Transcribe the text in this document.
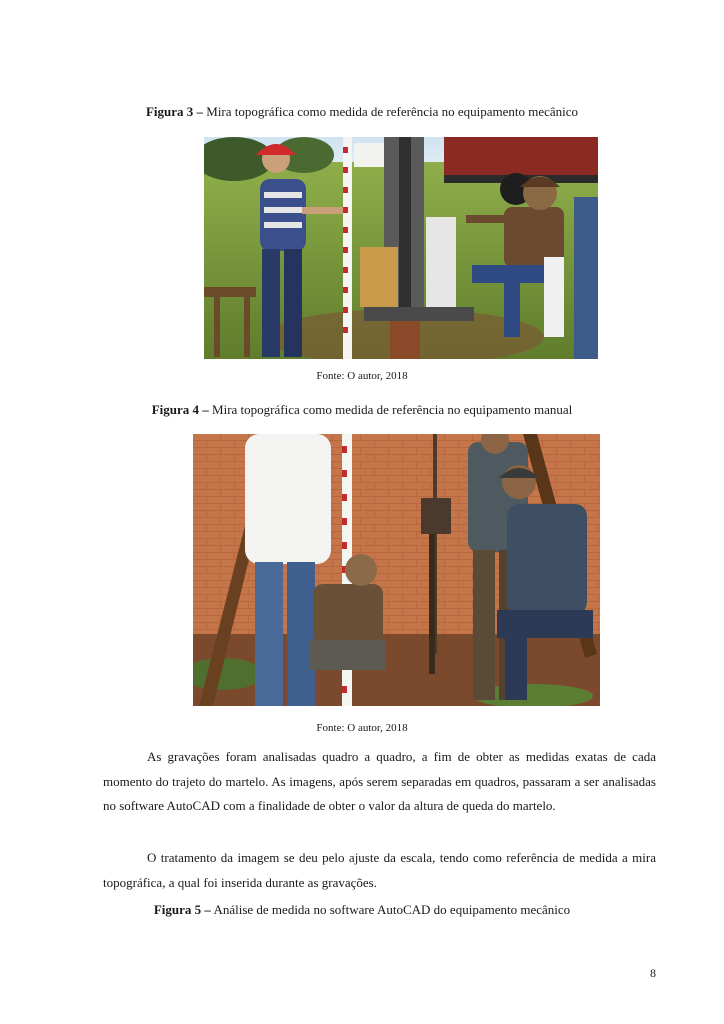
Figura 3 – Mira topográfica como medida de referência no equipamento mecânico
Fonte: O autor, 2018
Figura 4 – Mira topográfica como medida de referência no equipamento manual
Fonte: O autor, 2018
As gravações foram analisadas quadro a quadro, a fim de obter as medidas exatas de cada momento do trajeto do martelo. As imagens, após serem separadas em quadros, passaram a ser analisadas no software AutoCAD com a finalidade de obter o valor da altura de queda do martelo.
O tratamento da imagem se deu pelo ajuste da escala, tendo como referência de medida a mira topográfica, a qual foi inserida durante as gravações.
Figura 5 – Análise de medida no software AutoCAD do equipamento mecânico
8
